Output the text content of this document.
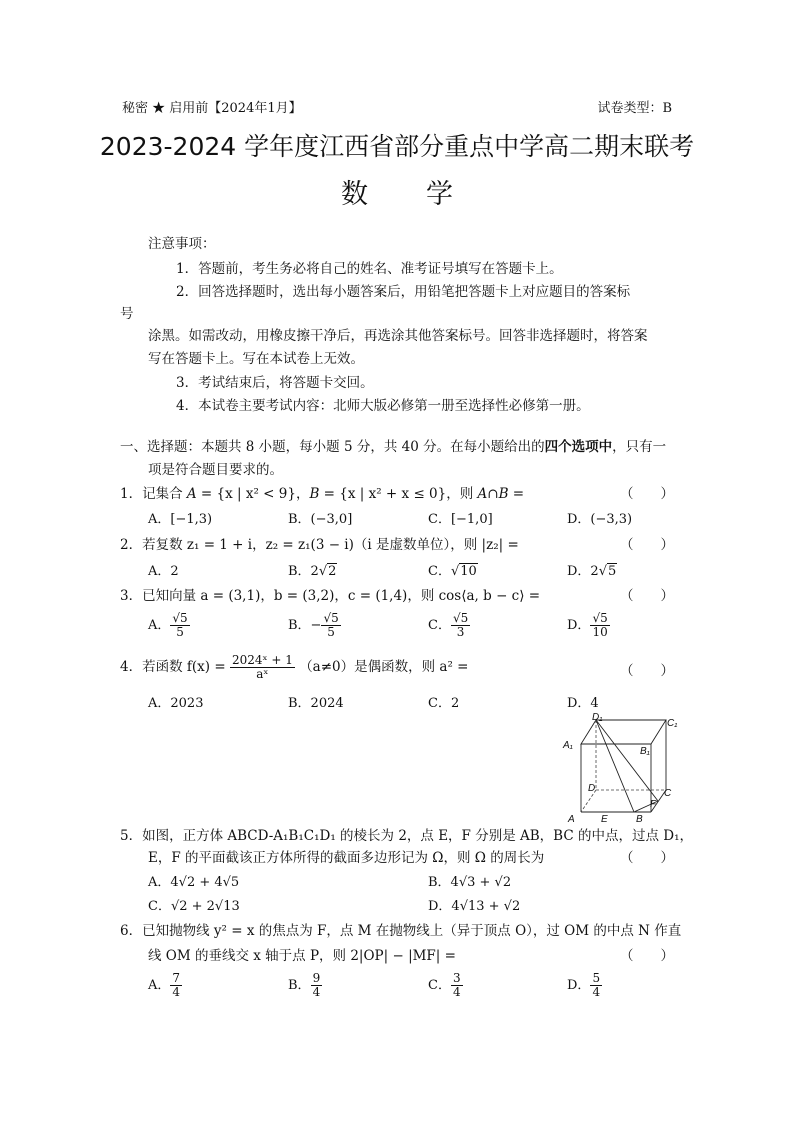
秘密 ★ 启用前【2024年1月】	试卷类型：B
2023-2024 学年度江西省部分重点中学高二期末联考
数学
注意事项：
1．答题前，考生务必将自己的姓名、准考证号填写在答题卡上。
2．回答选择题时，选出每小题答案后，用铅笔把答题卡上对应题目的答案标
号
涂黑。如需改动，用橡皮擦干净后，再选涂其他答案标号。回答非选择题时，将答案
写在答题卡上。写在本试卷上无效。
3．考试结束后，将答题卡交回。
4．本试卷主要考试内容：北师大版必修第一册至选择性必修第一册。
一、选择题：本题共 8 小题，每小题 5 分，共 40 分。在每小题给出的四个选项中，只有一
项是符合题目要求的。
1．记集合 A = {x | x² < 9}，B = {x | x² + x ≤ 0}，则 A∩B =	（　　）
A．[−1,3)	B．(−3,0]	C．[−1,0]	D．(−3,3)
2．若复数 z₁ = 1 + i，z₂ = z₁(3 − i)（i 是虚数单位），则 |z₂| =	（　　）
A．2	B．2√2	C．√10	D．2√5
3．已知向量 a = (3,1)，b = (3,2)，c = (1,4)，则 cos⟨a, b − c⟩ =	（　　）
A． $\frac{√5}{5}$	B．− $\frac{√5}{5}$	C． $\frac{√5}{3}$	D． $\frac{√5}{10}$
4．若函数 $f(x) = \frac{\text{2024ˣ + 1}}{\text{aˣ}} (a\ne 0)$是偶函数，则 a² =	（　　）
A．2023	B．2024	C．2	D．4
D₁
C₁
A₁
B₁
D	C
A
F
B
E
5．如图，正方体 ABCD-A₁B₁C₁D₁ 的棱长为 2，点 E，F 分别是 AB，BC 的中点，过点 D₁，
E，F 的平面截该正方体所得的截面多边形记为 Ω，则 Ω 的周长为	（　　）
A．4√2 + 4√5	B．4√3 + √2
C．√2 + 2√13	D．4√13 + √2
6．已知抛物线 y² = x 的焦点为 F，点 M 在抛物线上（异于顶点 O），过 OM 的中点 N 作直
线 OM 的垂线交 x 轴于点 P，则 2|OP| − |MF| =	（　　）
A． $\frac{7}{4}$	B． $\frac{9}{4}$	C． $\frac{3}{4}$	D． $\frac{5}{4}$
